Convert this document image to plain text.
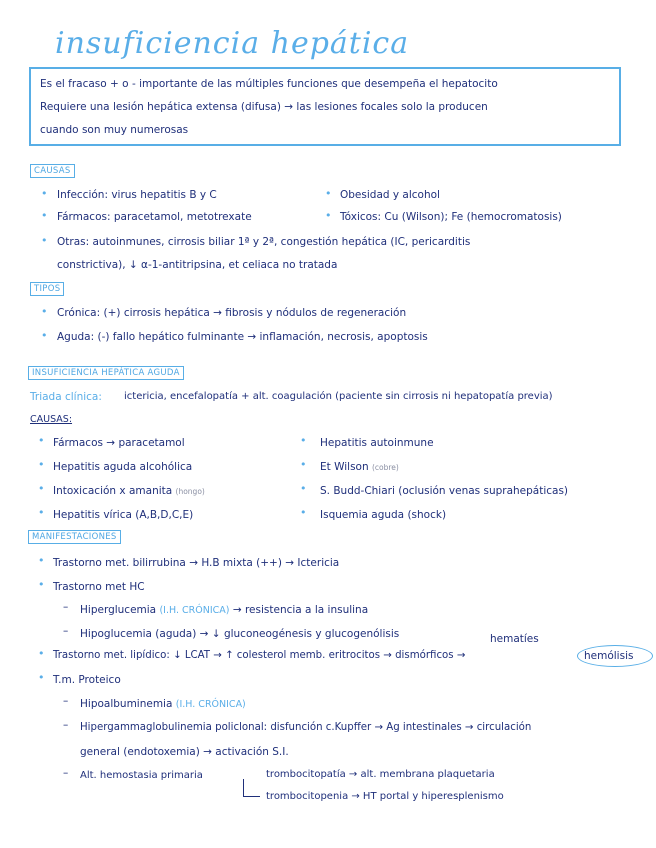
insuficiencia hepática
Es el fracaso + o - importante de las múltiples funciones que desempeña el hepatocito
Requiere una lesión hepática extensa (difusa) → las lesiones focales solo la producen
cuando son muy numerosas
CAUSAS
• Infección: virus hepatitis B y C
• Fármacos: paracetamol, metotrexate
• Obesidad y alcohol
• Tóxicos: Cu (Wilson); Fe (hemocromatosis)
• Otras: autoinmunes, cirrosis biliar 1ª y 2ª, congestión hepática (IC, pericarditis
constrictiva), ↓ α-1-antitripsina, et celiaca no tratada
TIPOS
• Crónica: (+) cirrosis hepática → fibrosis y nódulos de regeneración
• Aguda: (-) fallo hepático fulminante → inflamación, necrosis, apoptosis
INSUFICIENCIA HEPÁTICA AGUDA
Triada clínica: ictericia, encefalopatía + alt. coagulación (paciente sin cirrosis ni hepatopatía previa)
CAUSAS:
• Fármacos → paracetamol
• Hepatitis aguda alcohólica
• Intoxicación x amanita (hongo)
• Hepatitis vírica (A,B,D,C,E)
• Hepatitis autoinmune
• Et Wilson (cobre)
• S. Budd-Chiari (oclusión venas suprahepáticas)
• Isquemia aguda (shock)
MANIFESTACIONES
• Trastorno met. bilirrubina → H.B mixta (++) → Ictericia
• Trastorno met HC
– Hiperglucemia (I.H. CRÓNICA) → resistencia a la insulina
– Hipoglucemia (aguda) → ↓ gluconeogénesis y glucogenólisis	hematíes
• Trastorno met. lipídico: ↓ LCAT → ↑ colesterol memb. eritrocitos → dismórficos →	hemólisis
• T.m. Proteico
– Hipoalbuminemia (I.H. CRÓNICA)
– Hipergammaglobulinemia policlonal: disfunción c.Kupffer → Ag intestinales → circulación
general (endotoxemia) → activación S.I.
– Alt. hemostasia primaria	trombocitopatía → alt. membrana plaquetaria
trombocitopenia → HT portal y hiperesplenismo
